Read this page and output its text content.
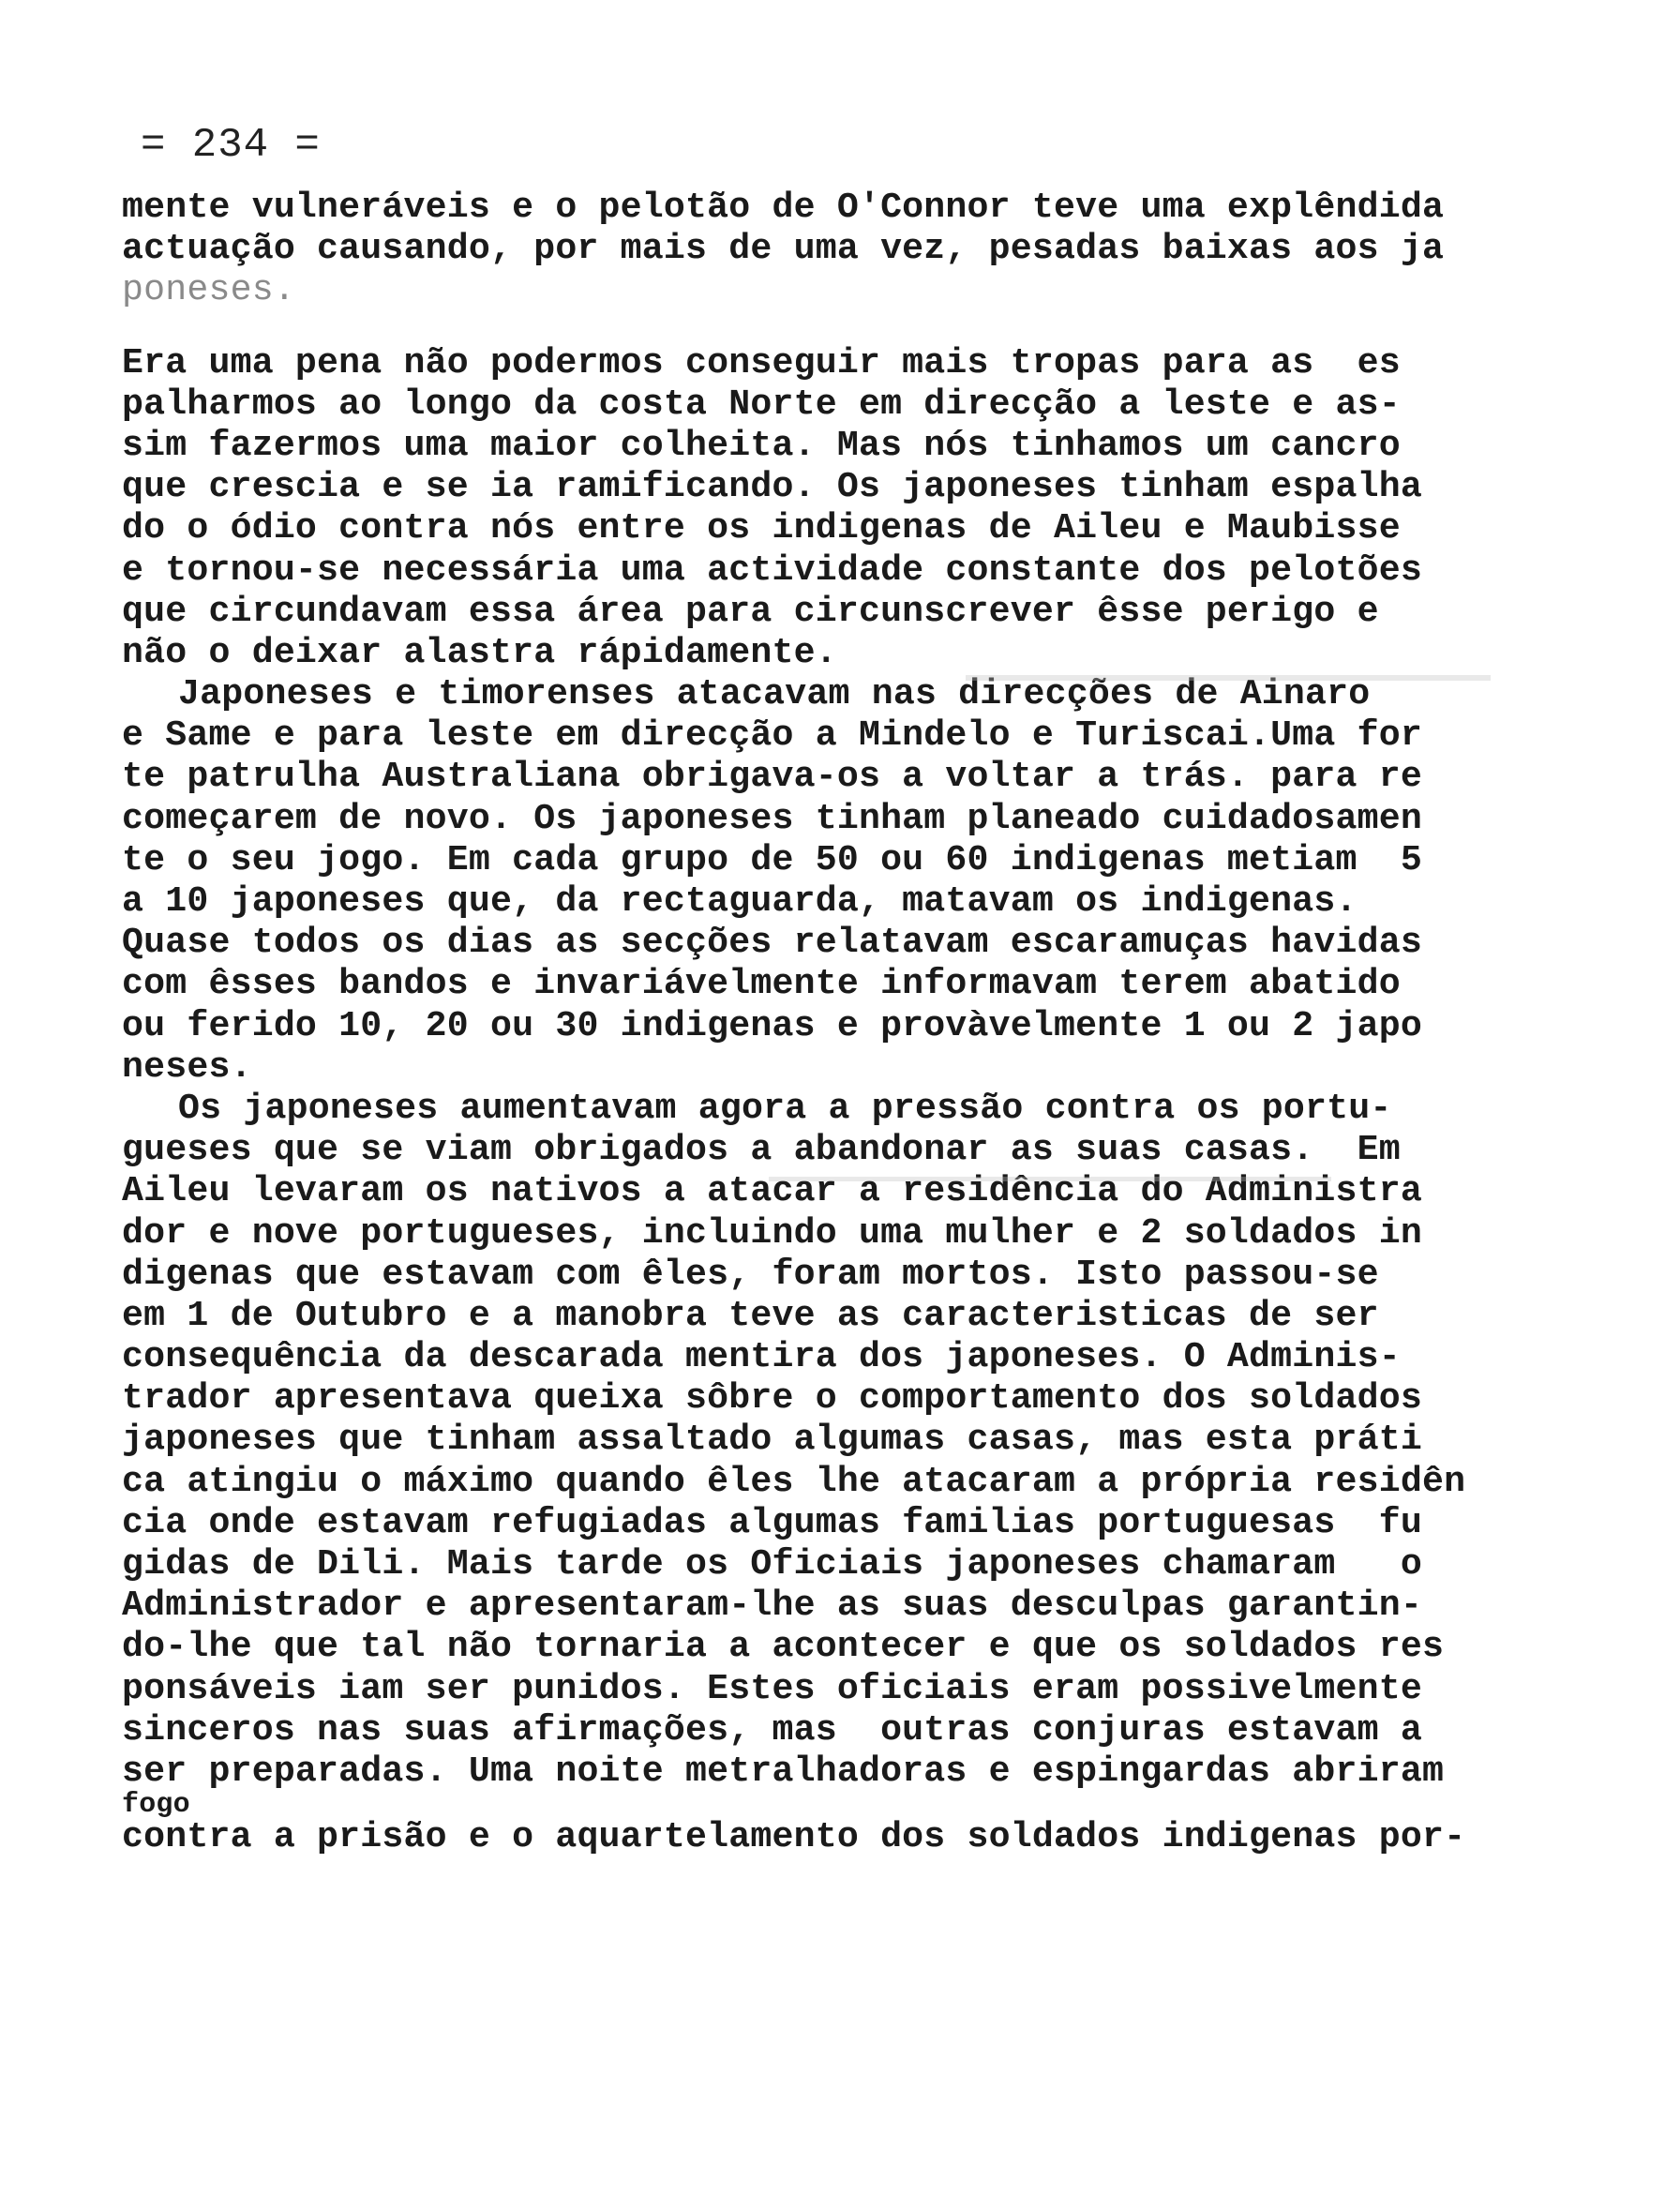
= 234 =
mente vulneráveis e o pelotão de O'Connor teve uma explêndida
actuação causando, por mais de uma vez, pesadas baixas aos ja
poneses.
Era uma pena não podermos conseguir mais tropas para as  es
palharmos ao longo da costa Norte em direcção a leste e as-
sim fazermos uma maior colheita. Mas nós tinhamos um cancro
que crescia e se ia ramificando. Os japoneses tinham espalha
do o ódio contra nós entre os indigenas de Aileu e Maubisse
e tornou-se necessária uma actividade constante dos pelotões
que circundavam essa área para circunscrever êsse perigo e
não o deixar alastra rápidamente.
Japoneses e timorenses atacavam nas direcções de Ainaro
e Same e para leste em direcção a Mindelo e Turiscai.Uma for
te patrulha Australiana obrigava-os a voltar a trás. para re
começarem de novo. Os japoneses tinham planeado cuidadosamen
te o seu jogo. Em cada grupo de 50 ou 60 indigenas metiam  5
a 10 japoneses que, da rectaguarda, matavam os indigenas.
Quase todos os dias as secções relatavam escaramuças havidas
com êsses bandos e invariávelmente informavam terem abatido
ou ferido 10, 20 ou 30 indigenas e provàvelmente 1 ou 2 japo
neses.
Os japoneses aumentavam agora a pressão contra os portu-
gueses que se viam obrigados a abandonar as suas casas.  Em
Aileu levaram os nativos a atacar a residência do Administra
dor e nove portugueses, incluindo uma mulher e 2 soldados in
digenas que estavam com êles, foram mortos. Isto passou-se
em 1 de Outubro e a manobra teve as caracteristicas de ser
consequência da descarada mentira dos japoneses. O Adminis-
trador apresentava queixa sôbre o comportamento dos soldados
japoneses que tinham assaltado algumas casas, mas esta práti
ca atingiu o máximo quando êles lhe atacaram a própria residên
cia onde estavam refugiadas algumas familias portuguesas  fu
gidas de Dili. Mais tarde os Oficiais japoneses chamaram   o
Administrador e apresentaram-lhe as suas desculpas garantin-
do-lhe que tal não tornaria a acontecer e que os soldados res
ponsáveis iam ser punidos. Estes oficiais eram possivelmente
sinceros nas suas afirmações, mas  outras conjuras estavam a
ser preparadas. Uma noite metralhadoras e espingardas abriram
fogo
contra a prisão e o aquartelamento dos soldados indigenas por-
